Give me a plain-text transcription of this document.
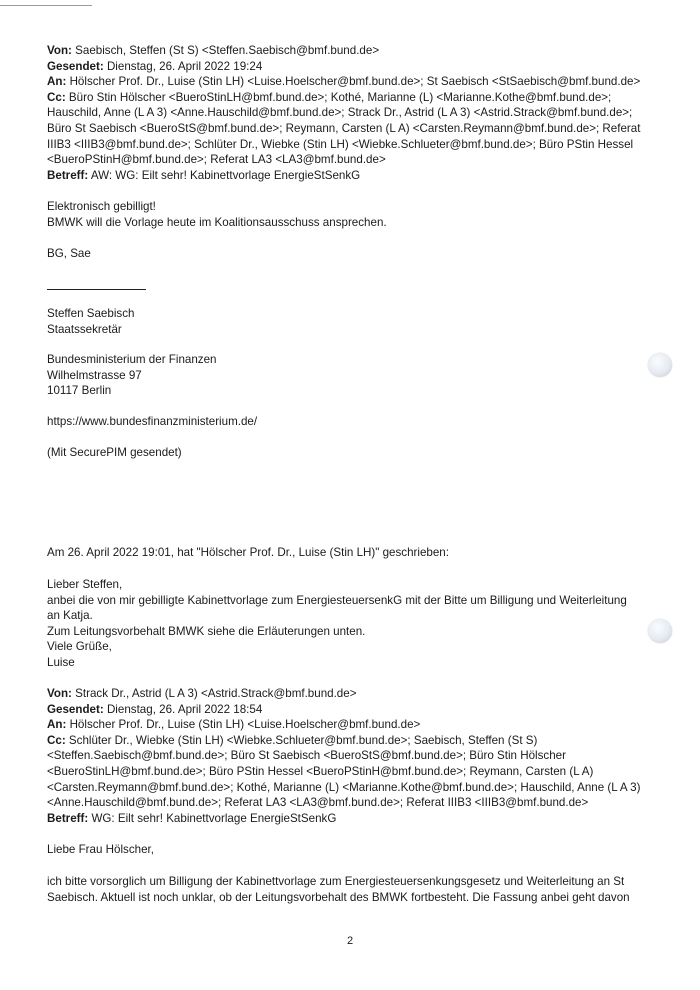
Von: Saebisch, Steffen (St S) <Steffen.Saebisch@bmf.bund.de>

Gesendet: Dienstag, 26. April 2022 19:24

An: Hölscher Prof. Dr., Luise (Stin LH) <Luise.Hoelscher@bmf.bund.de>; St Saebisch <StSaebisch@bmf.bund.de>

Cc: Büro Stin Hölscher <BueroStinLH@bmf.bund.de>; Kothé, Marianne (L) <Marianne.Kothe@bmf.bund.de>;

Hauschild, Anne (L A 3) <Anne.Hauschild@bmf.bund.de>; Strack Dr., Astrid (L A 3) <Astrid.Strack@bmf.bund.de>;

Büro St Saebisch <BueroStS@bmf.bund.de>; Reymann, Carsten (L A) <Carsten.Reymann@bmf.bund.de>; Referat

IIIB3 <IIIB3@bmf.bund.de>; Schlüter Dr., Wiebke (Stin LH) <Wiebke.Schlueter@bmf.bund.de>; Büro PStin Hessel

<BueroPStinH@bmf.bund.de>; Referat LA3 <LA3@bmf.bund.de>

Betreff: AW: WG: Eilt sehr! Kabinettvorlage EnergieStSenkG

Elektronisch gebilligt!

BMWK will die Vorlage heute im Koalitionsausschuss ansprechen.

BG, Sae

Steffen Saebisch

Staatssekretär

Bundesministerium der Finanzen

Wilhelmstrasse 97

10117 Berlin

https://www.bundesfinanzministerium.de/

(Mit SecurePIM gesendet)

Am 26. April 2022 19:01, hat "Hölscher Prof. Dr., Luise (Stin LH)" geschrieben:

Lieber Steffen,

anbei die von mir gebilligte Kabinettvorlage zum EnergiesteuersenkG mit der Bitte um Billigung und Weiterleitung

an Katja.

Zum Leitungsvorbehalt BMWK siehe die Erläuterungen unten.

Viele Grüße,

Luise

Von: Strack Dr., Astrid (L A 3) <Astrid.Strack@bmf.bund.de>

Gesendet: Dienstag, 26. April 2022 18:54

An: Hölscher Prof. Dr., Luise (Stin LH) <Luise.Hoelscher@bmf.bund.de>

Cc: Schlüter Dr., Wiebke (Stin LH) <Wiebke.Schlueter@bmf.bund.de>; Saebisch, Steffen (St S)

<Steffen.Saebisch@bmf.bund.de>; Büro St Saebisch <BueroStS@bmf.bund.de>; Büro Stin Hölscher

<BueroStinLH@bmf.bund.de>; Büro PStin Hessel <BueroPStinH@bmf.bund.de>; Reymann, Carsten (L A)

<Carsten.Reymann@bmf.bund.de>; Kothé, Marianne (L) <Marianne.Kothe@bmf.bund.de>; Hauschild, Anne (L A 3)

<Anne.Hauschild@bmf.bund.de>; Referat LA3 <LA3@bmf.bund.de>; Referat IIIB3 <IIIB3@bmf.bund.de>

Betreff: WG: Eilt sehr! Kabinettvorlage EnergieStSenkG

Liebe Frau Hölscher,

ich bitte vorsorglich um Billigung der Kabinettvorlage zum Energiesteuersenkungsgesetz und Weiterleitung an St

Saebisch. Aktuell ist noch unklar, ob der Leitungsvorbehalt des BMWK fortbesteht. Die Fassung anbei geht davon

2
